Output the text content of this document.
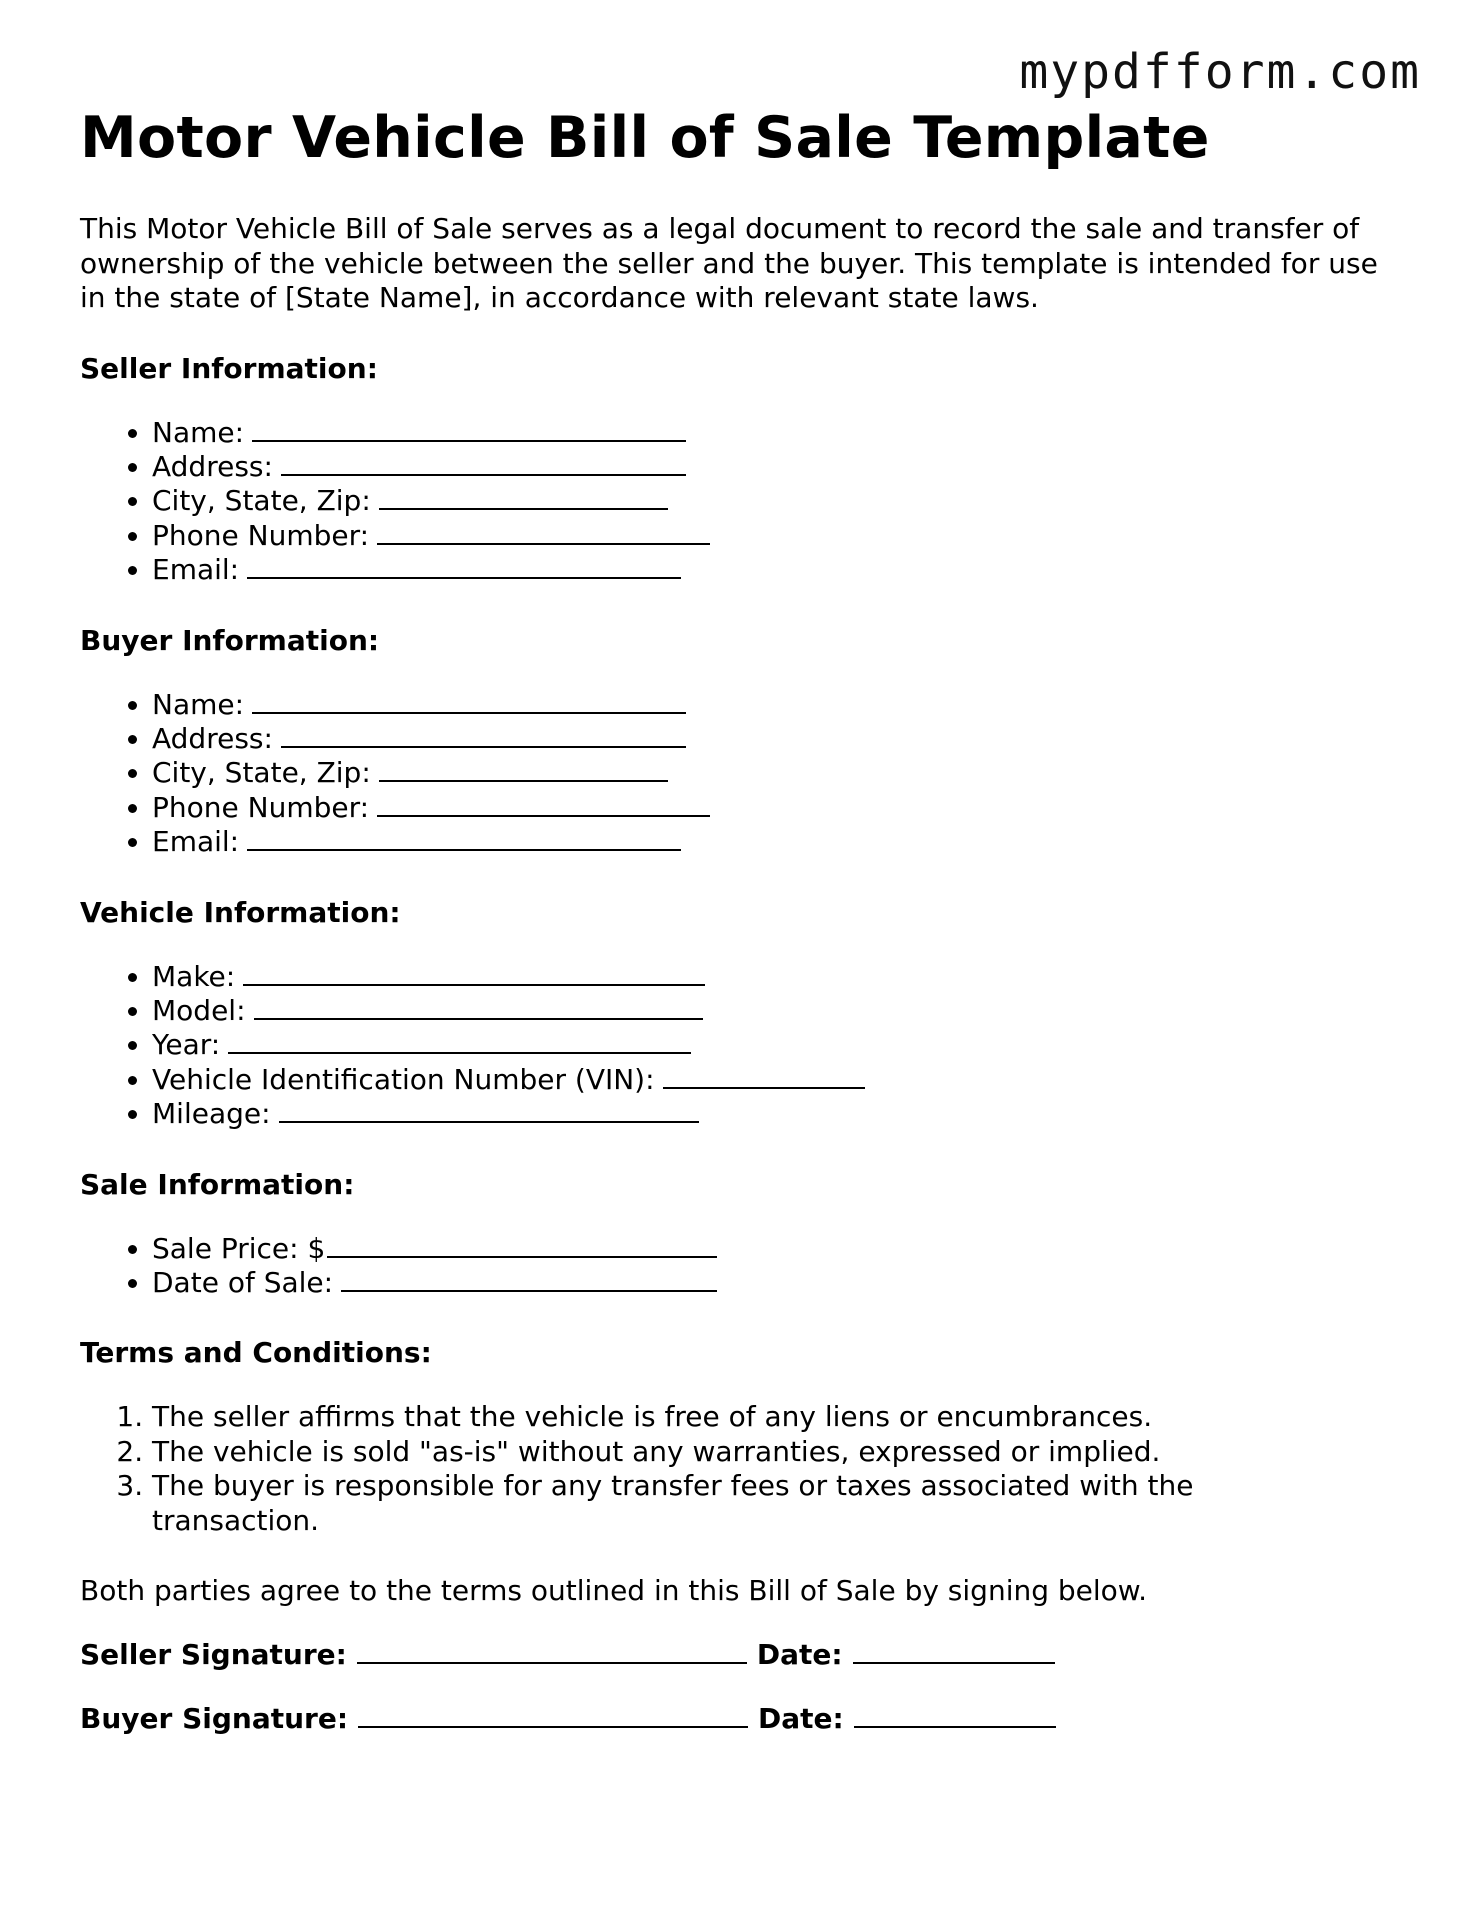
mypdfform.com
Motor Vehicle Bill of Sale Template

This Motor Vehicle Bill of Sale serves as a legal document to record the sale and transfer of ownership of the vehicle between the seller and the buyer. This template is intended for use in the state of [State Name], in accordance with relevant state laws.

Seller Information:
• Name:
• Address:
• City, State, Zip:
• Phone Number:
• Email:
Buyer Information:
• Name:
• Address:
• City, State, Zip:
• Phone Number:
• Email:
Vehicle Information:
• Make:
• Model:
• Year:
• Vehicle Identification Number (VIN):
• Mileage:
Sale Information:
• Sale Price: $
• Date of Sale:
Terms and Conditions:
1. The seller affirms that the vehicle is free of any liens or encumbrances.
2. The vehicle is sold "as-is" without any warranties, expressed or implied.
3. The buyer is responsible for any transfer fees or taxes associated with the transaction.

Both parties agree to the terms outlined in this Bill of Sale by signing below.

Seller Signature:	Date:
Buyer Signature:	Date:
